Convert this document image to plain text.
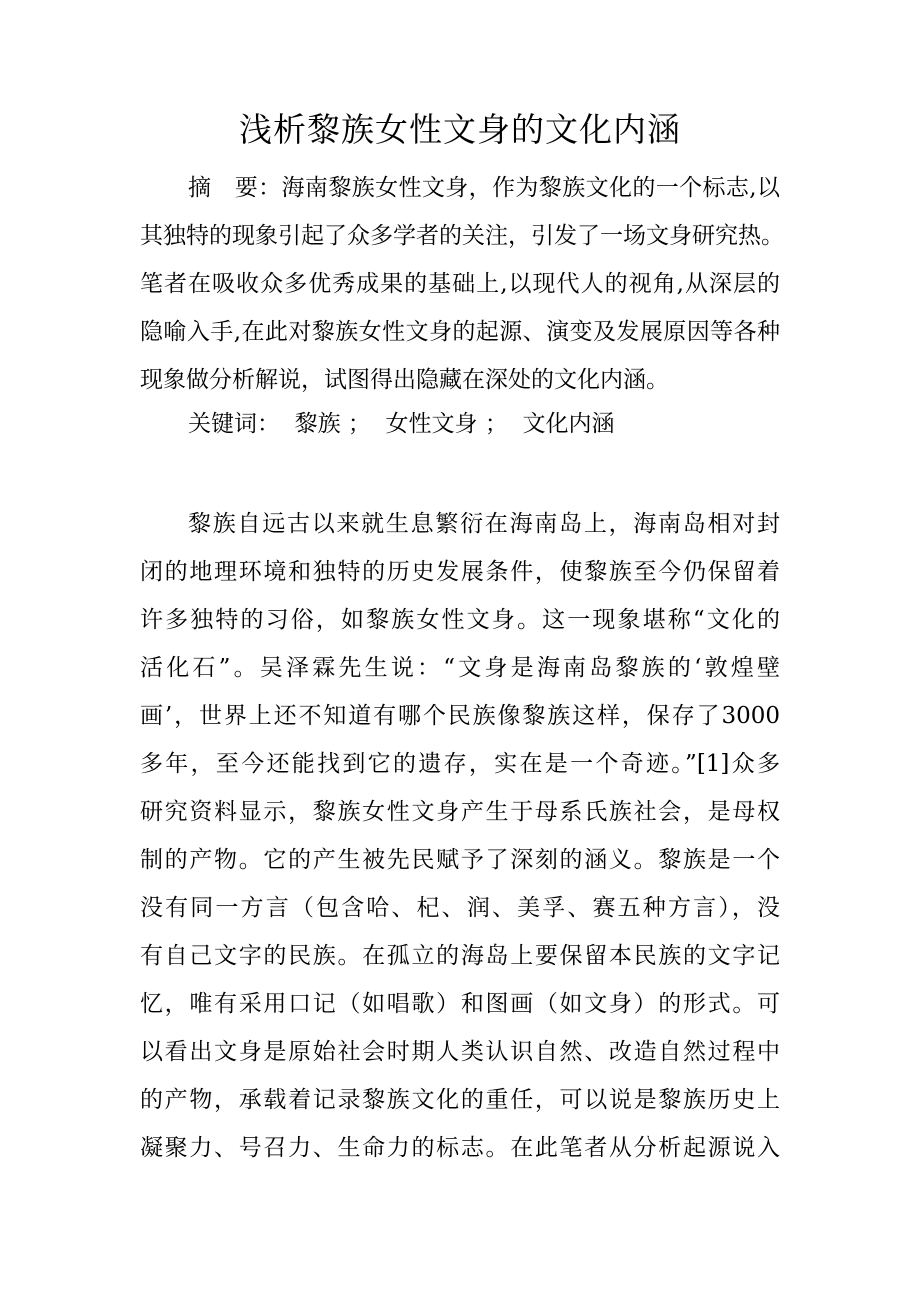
浅析黎族女性文身的文化内涵
摘　要：海南黎族女性文身，作为黎族文化的一个标志,以
其独特的现象引起了众多学者的关注，引发了一场文身研究热。
笔者在吸收众多优秀成果的基础上,以现代人的视角,从深层的
隐喻入手,在此对黎族女性文身的起源、演变及发展原因等各种
现象做分析解说，试图得出隐藏在深处的文化内涵。
关键词：  黎族 ；  女性文身 ；  文化内涵
黎族自远古以来就生息繁衍在海南岛上，海南岛相对封
闭的地理环境和独特的历史发展条件，使黎族至今仍保留着
许多独特的习俗，如黎族女性文身。这一现象堪称“文化的
活化石”。吴泽霖先生说：“文身是海南岛黎族的‘敦煌壁
画’，世界上还不知道有哪个民族像黎族这样，保存了3000
多年，至今还能找到它的遗存，实在是一个奇迹。”[1]众多
研究资料显示，黎族女性文身产生于母系氏族社会，是母权
制的产物。它的产生被先民赋予了深刻的涵义。黎族是一个
没有同一方言（包含哈、杞、润、美孚、赛五种方言），没
有自己文字的民族。在孤立的海岛上要保留本民族的文字记
忆，唯有采用口记（如唱歌）和图画（如文身）的形式。可
以看出文身是原始社会时期人类认识自然、改造自然过程中
的产物，承载着记录黎族文化的重任，可以说是黎族历史上
凝聚力、号召力、生命力的标志。在此笔者从分析起源说入
